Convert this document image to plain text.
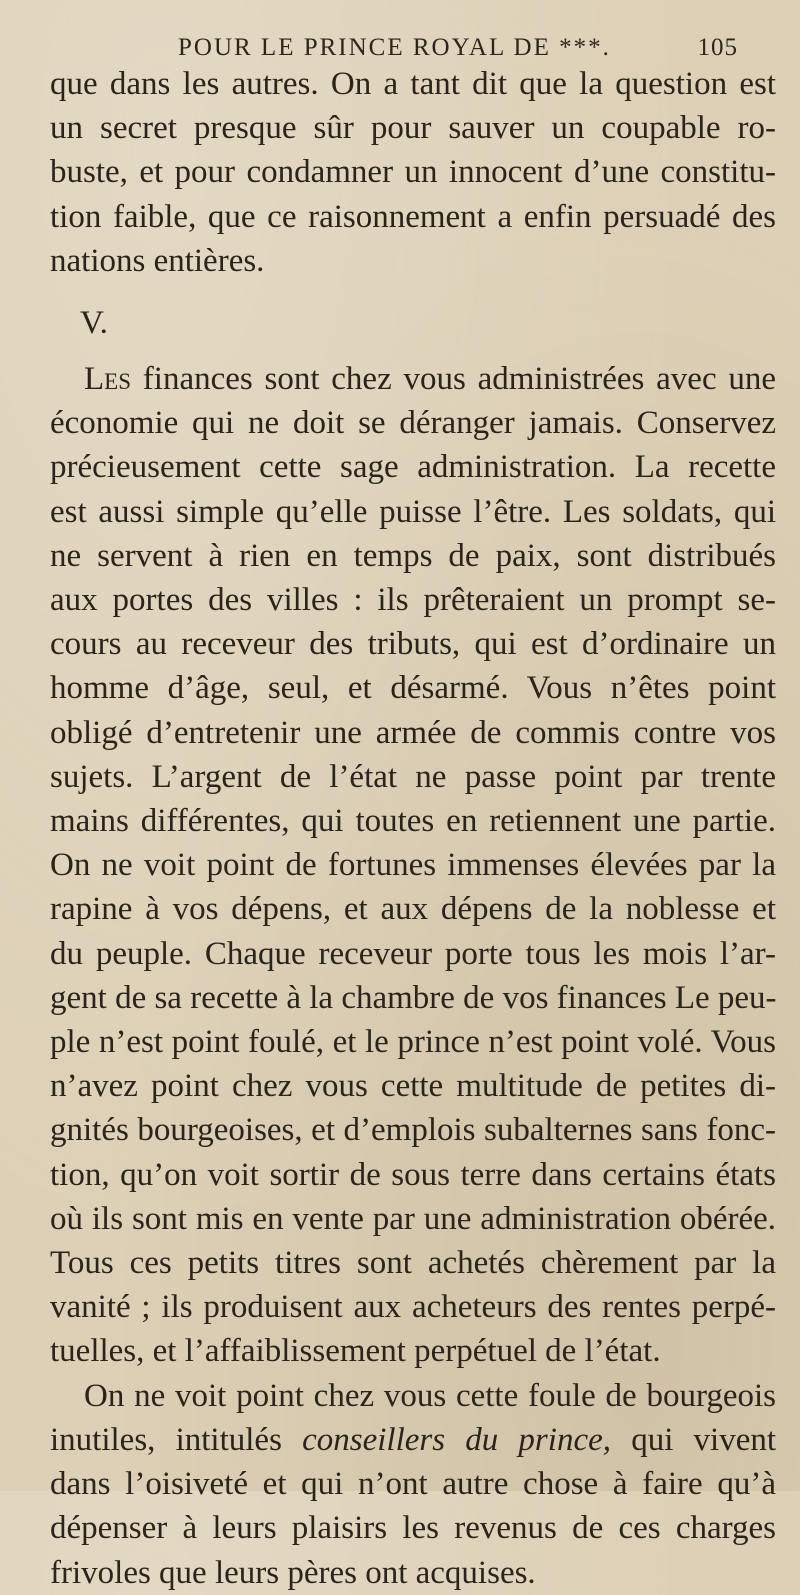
POUR LE PRINCE ROYAL DE ***.	105
que dans les autres. On a tant dit que la question est
un secret presque sûr pour sauver un coupable ro-
buste, et pour condamner un innocent d’une constitu-
tion faible, que ce raisonnement a enfin persuadé des
nations entières.
V.
Les finances sont chez vous administrées avec une
économie qui ne doit se déranger jamais. Conservez
précieusement cette sage administration. La recette
est aussi simple qu’elle puisse l’être. Les soldats, qui
ne servent à rien en temps de paix, sont distribués
aux portes des villes : ils prêteraient un prompt se-
cours au receveur des tributs, qui est d’ordinaire un
homme d’âge, seul, et désarmé. Vous n’êtes point
obligé d’entretenir une armée de commis contre vos
sujets. L’argent de l’état ne passe point par trente
mains différentes, qui toutes en retiennent une partie.
On ne voit point de fortunes immenses élevées par la
rapine à vos dépens, et aux dépens de la noblesse et
du peuple. Chaque receveur porte tous les mois l’ar-
gent de sa recette à la chambre de vos finances Le peu-
ple n’est point foulé, et le prince n’est point volé. Vous
n’avez point chez vous cette multitude de petites di-
gnités bourgeoises, et d’emplois subalternes sans fonc-
tion, qu’on voit sortir de sous terre dans certains états
où ils sont mis en vente par une administration obérée.
Tous ces petits titres sont achetés chèrement par la
vanité ; ils produisent aux acheteurs des rentes perpé-
tuelles, et l’affaiblissement perpétuel de l’état.
On ne voit point chez vous cette foule de bourgeois
inutiles, intitulés conseillers du prince, qui vivent
dans l’oisiveté et qui n’ont autre chose à faire qu’à
dépenser à leurs plaisirs les revenus de ces charges
frivoles que leurs pères ont acquises.
